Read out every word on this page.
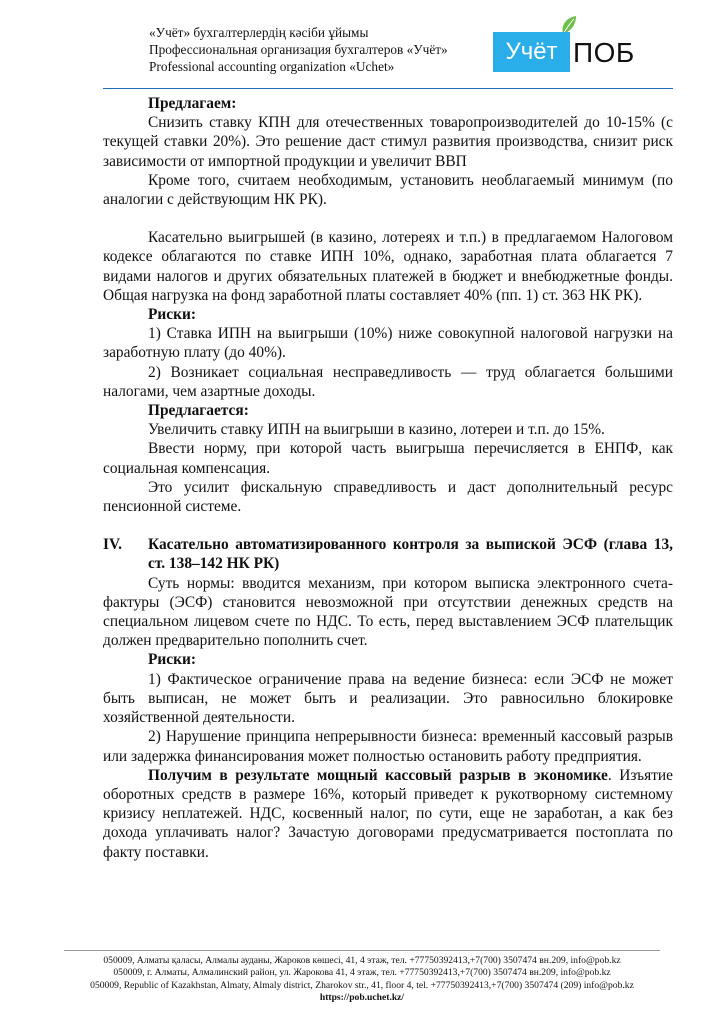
«Учёт» бухгалтерлердің кәсіби ұйымы
Профессиональная организация бухгалтеров «Учёт»
Professional accounting organization «Uchet»
Учёт ПОБ

Предлагаем:

Снизить ставку КПН для отечественных товаропроизводителей до 10-15% (с текущей ставки 20%). Это решение даст стимул развития производства, снизит риск зависимости от импортной продукции и увеличит ВВП

Кроме того, считаем необходимым, установить необлагаемый минимум (по аналогии с действующим НК РК).

Касательно выигрышей (в казино, лотереях и т.п.) в предлагаемом Налоговом кодексе облагаются по ставке ИПН 10%, однако, заработная плата облагается 7 видами налогов и других обязательных платежей в бюджет и внебюджетные фонды. Общая нагрузка на фонд заработной платы составляет 40% (пп. 1) ст. 363 НК РК).

Риски:

1) Ставка ИПН на выигрыши (10%) ниже совокупной налоговой нагрузки на заработную плату (до 40%).

2) Возникает социальная несправедливость — труд облагается большими налогами, чем азартные доходы.

Предлагается:

Увеличить ставку ИПН на выигрыши в казино, лотереи и т.п. до 15%.

Ввести норму, при которой часть выигрыша перечисляется в ЕНПФ, как социальная компенсация.

Это усилит фискальную справедливость и даст дополнительный ресурс пенсионной системе.

IV. Касательно автоматизированного контроля за выпиской ЭСФ (глава 13, ст. 138–142 НК РК)

Суть нормы: вводится механизм, при котором выписка электронного счета-фактуры (ЭСФ) становится невозможной при отсутствии денежных средств на специальном лицевом счете по НДС. То есть, перед выставлением ЭСФ плательщик должен предварительно пополнить счет.

Риски:

1) Фактическое ограничение права на ведение бизнеса: если ЭСФ не может быть выписан, не может быть и реализации. Это равносильно блокировке хозяйственной деятельности.

2) Нарушение принципа непрерывности бизнеса: временный кассовый разрыв или задержка финансирования может полностью остановить работу предприятия.

Получим в результате мощный кассовый разрыв в экономике. Изъятие оборотных средств в размере 16%, который приведет к рукотворному системному кризису неплатежей. НДС, косвенный налог, по сути, еще не заработан, а как без дохода уплачивать налог? Зачастую договорами предусматривается постоплата по факту поставки.

050009, Алматы қаласы, Алмалы ауданы, Жароков көшесі, 41, 4 этаж, тел. +77750392413,+7(700) 3507474 вн.209, info@pob.kz
050009, г. Алматы, Алмалинский район, ул. Жарокова 41, 4 этаж, тел. +77750392413,+7(700) 3507474 вн.209, info@pob.kz
050009, Republic of Kazakhstan, Almaty, Almaly district, Zharokov str., 41, floor 4, tel. +77750392413,+7(700) 3507474 (209) info@pob.kz
https://pob.uchet.kz/
